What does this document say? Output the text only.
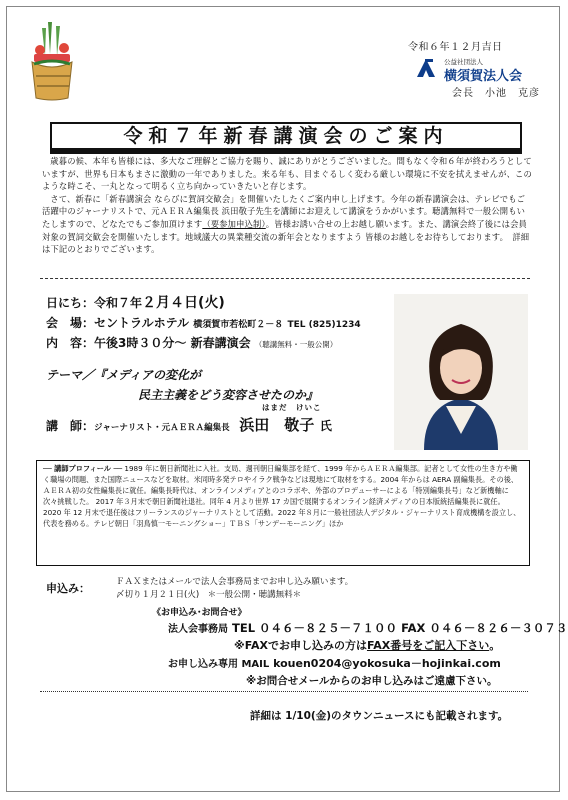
令和６年１２月吉日
公益社団法人
横須賀法人会
会長　小池　克彦
令和７年新春講演会のご案内

歳暮の候、本年も皆様には、多大なご理解とご協力を賜り、誠にありがとうございました。間もなく令和６年が終わろうとしていますが、世界も日本もまさに激動の一年でありました。来る年も、目まぐるしく変わる厳しい環境に不安を拭えませんが、このような時こそ、一丸となって明るく立ち向かっていきたいと存じます。

さて、新春に「新春講演会 ならびに賀詞交歓会」を開催いたしたくご案内申し上げます。今年の新春講演会は、テレビでもご活躍中のジャーナリストで、元ＡＥＲＡ編集長 浜田敬子先生を講師にお迎えして講演をうかがいます。聴講無料で一般公開もいたしますので、どなたでもご参加頂けます（要参加申込制）。皆様お誘い合せの上お越し願います。また、講演会終了後には会員対象の賀詞交歓会を開催いたします。地域議大の異業種交流の新年会となりますよう 皆様のお越しをお待ちしております。　詳細は下記のとおりでございます。

日にち：令和７年２月４日(火)
会　場：セントラルホテル 横須賀市若松町２－８ TEL (825)1234
内　容：午後3時３０分～ 新春講演会 （聴講無料・一般公開）
テーマ／『メディアの変化が
民主主義をどう変容させたのか』
はまだ　けいこ
講　師：ジャーナリスト・元ＡＥＲＡ編集長 浜田　敬子 氏
── 講師プロフィール ── 1989 年に朝日新聞社に入社。支局、週刊朝日編集部を経て、1999 年からＡＥＲＡ編集部。記者として女性の生き方や働く職場の問題、また国際ニュースなどを取材。米同時多発テロやイラク戦争などは現地にて取材をする。2004 年からは AERA 副編集長。その後、ＡＥＲＡ初の女性編集長に就任。編集長時代は、オンラインメディアとのコラボや、外部のプロデューサーによる「特別編集長号」など新機軸に次々挑戦した。 2017 年３月末で朝日新聞社退社。同年 4 月より世界 17 カ国で展開するオンライン経済メディアの日本版統括編集長に就任。2020 年 12 月末で退任後はフリーランスのジャーナリストとして活動。2022 年８月に一般社団法人デジタル・ジャーナリスト育成機構を設立し、代表を務める。テレビ朝日「羽鳥慎一モーニングショー」ＴＢＳ「サンデーモーニング」ほか
申込み：	ＦＡＸまたはメールで法人会事務局までお申し込み願います。
〆切り１月２１日(火)　＊一般公開・聴講無料＊
《お申込み･お問合せ》
法人会事務局 TEL ０４６－８２５－７１００ FAX ０４６－８２６－３０７３
※FAXでお申し込みの方はFAX番号をご記入下さい。
お申し込み専用 MAIL kouen0204@yokosuka－hojinkai.com
※お問合せメールからのお申し込みはご遠慮下さい。
詳細は 1/10(金)のタウンニュースにも記載されます。
